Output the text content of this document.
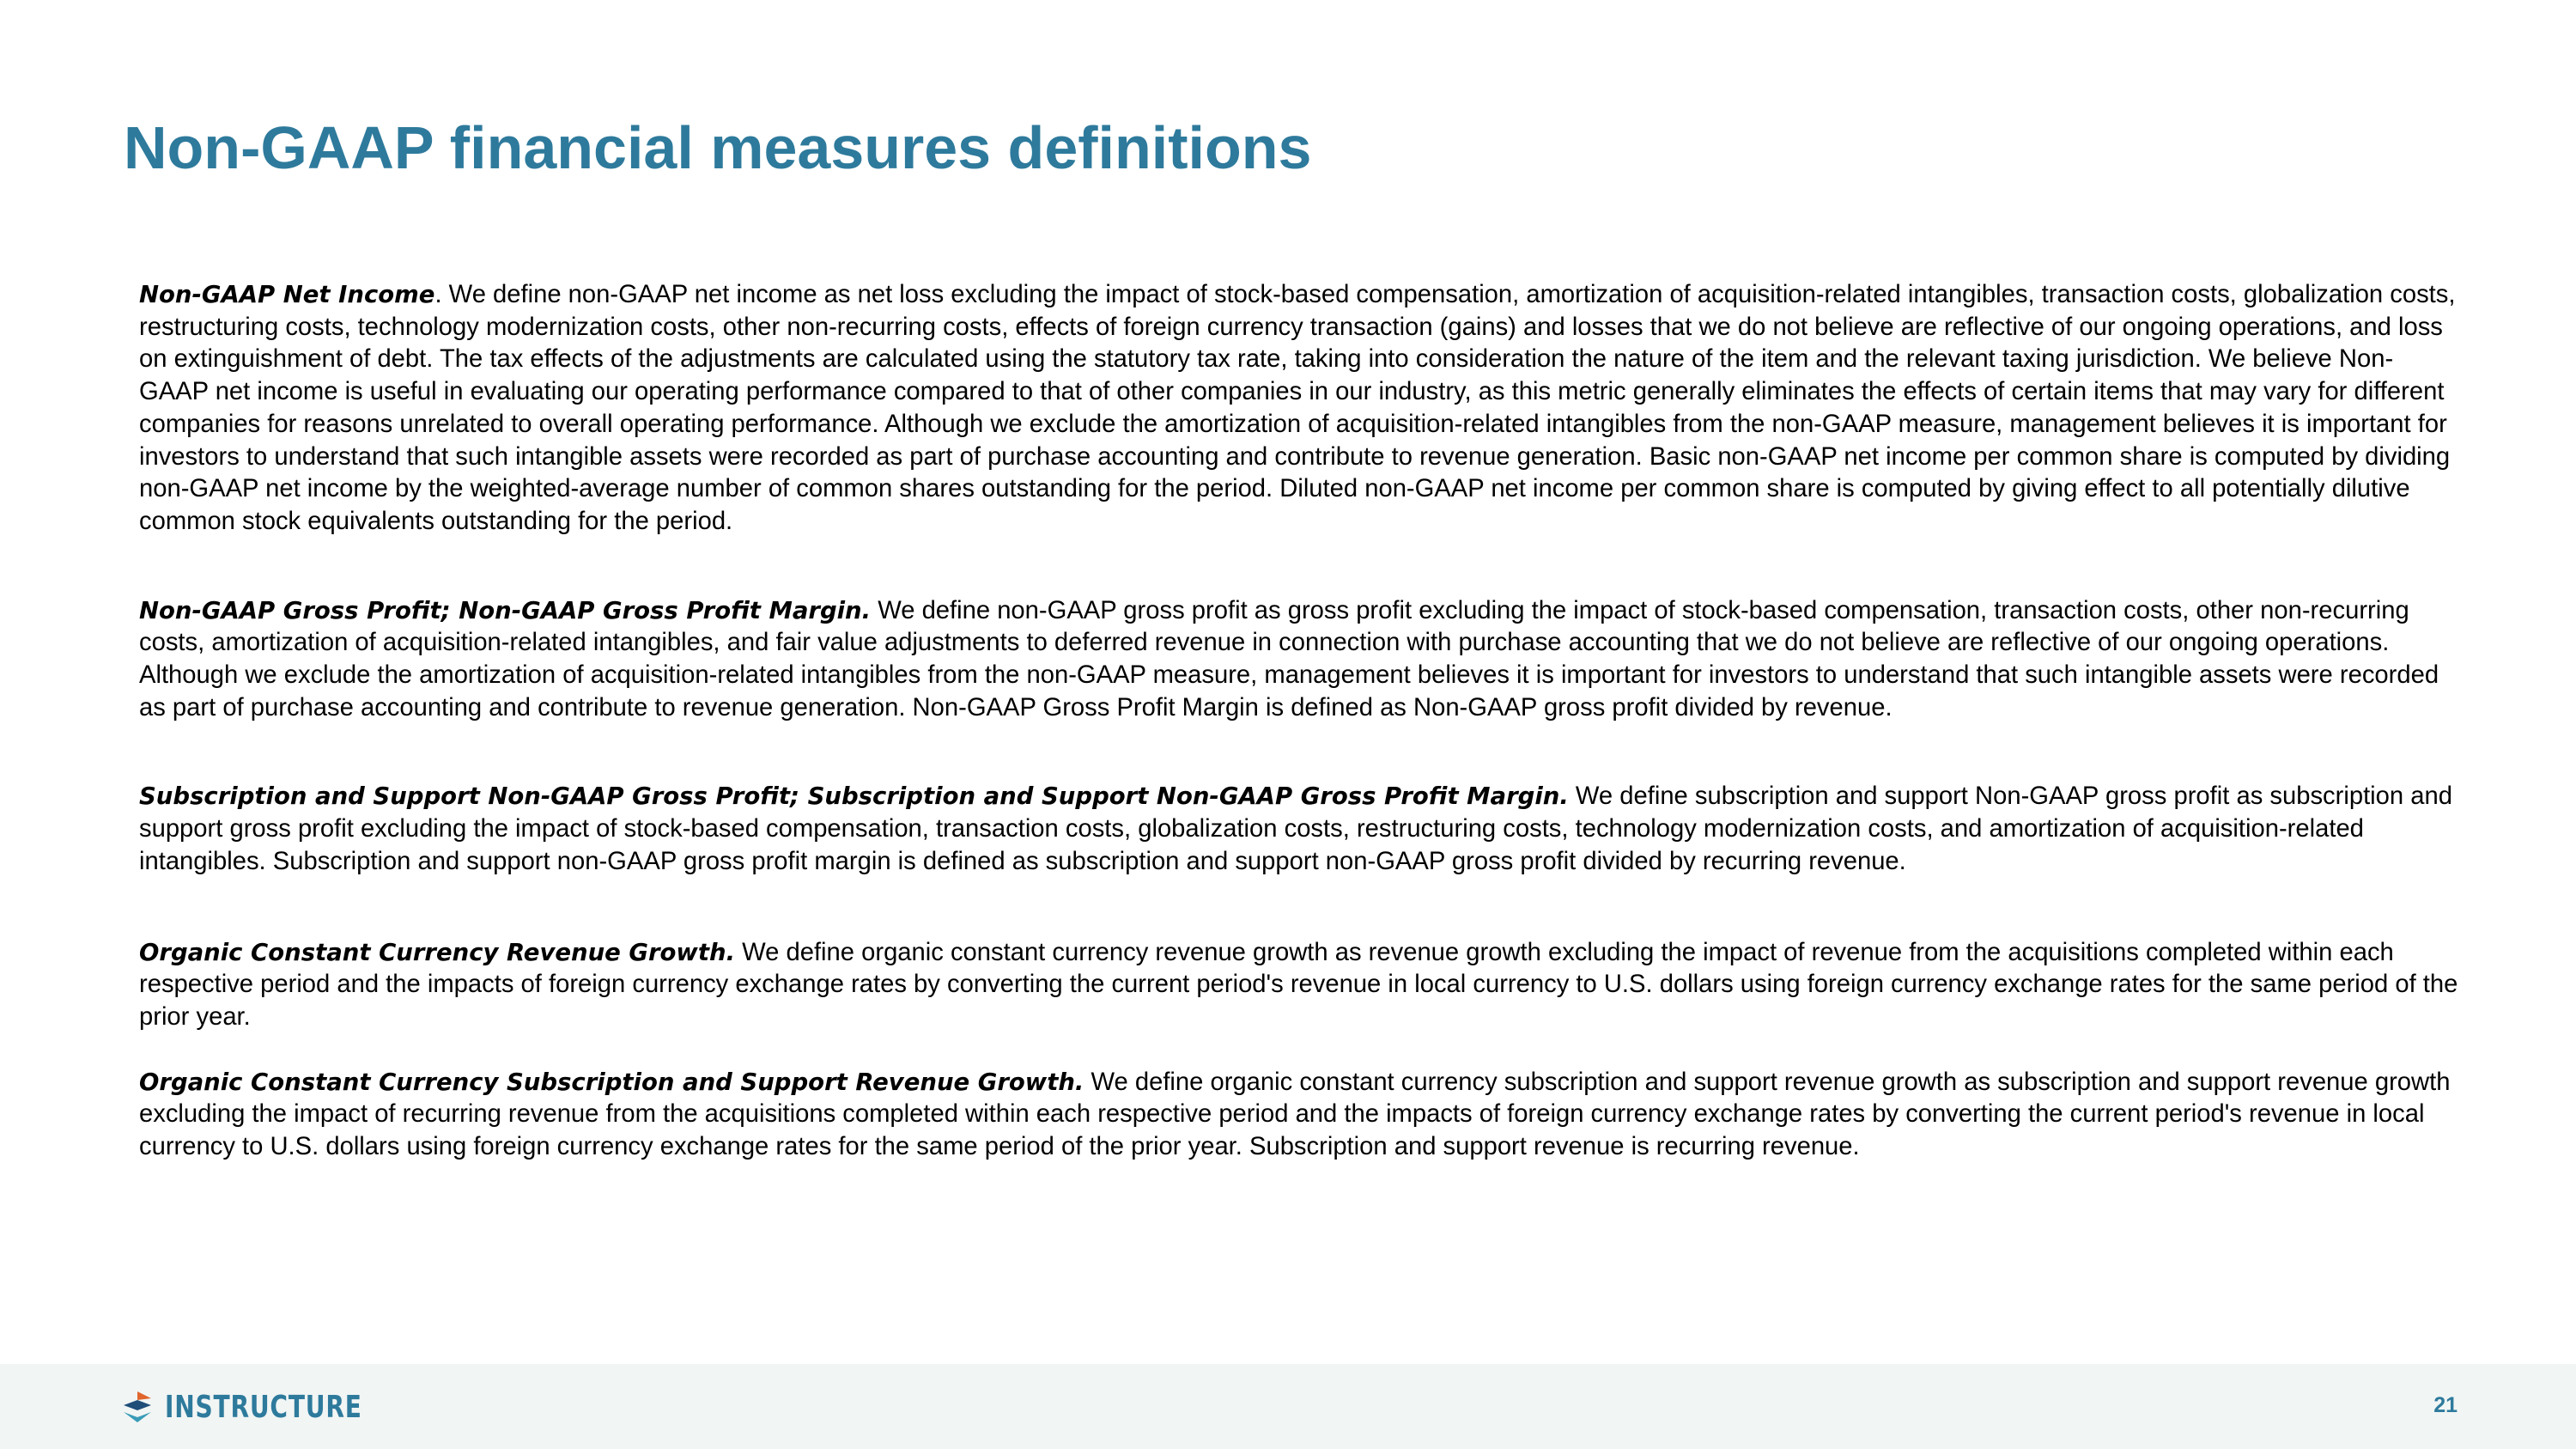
Non-GAAP financial measures definitions

Non-GAAP Net Income. We define non-GAAP net income as net loss excluding the impact of stock-based compensation, amortization of acquisition-related intangibles, transaction costs, globalization costs, restructuring costs, technology modernization costs, other non-recurring costs, effects of foreign currency transaction (gains) and losses that we do not believe are reflective of our ongoing operations, and loss on extinguishment of debt. The tax effects of the adjustments are calculated using the statutory tax rate, taking into consideration the nature of the item and the relevant taxing jurisdiction. We believe Non-GAAP net income is useful in evaluating our operating performance compared to that of other companies in our industry, as this metric generally eliminates the effects of certain items that may vary for different companies for reasons unrelated to overall operating performance. Although we exclude the amortization of acquisition-related intangibles from the non-GAAP measure, management believes it is important for investors to understand that such intangible assets were recorded as part of purchase accounting and contribute to revenue generation. Basic non-GAAP net income per common share is computed by dividing non-GAAP net income by the weighted-average number of common shares outstanding for the period. Diluted non-GAAP net income per common share is computed by giving effect to all potentially dilutive common stock equivalents outstanding for the period.

Non-GAAP Gross Profit; Non-GAAP Gross Profit Margin. We define non-GAAP gross profit as gross profit excluding the impact of stock-based compensation, transaction costs, other non-recurring costs, amortization of acquisition-related intangibles, and fair value adjustments to deferred revenue in connection with purchase accounting that we do not believe are reflective of our ongoing operations. Although we exclude the amortization of acquisition-related intangibles from the non-GAAP measure, management believes it is important for investors to understand that such intangible assets were recorded as part of purchase accounting and contribute to revenue generation. Non-GAAP Gross Profit Margin is defined as Non-GAAP gross profit divided by revenue.

Subscription and Support Non-GAAP Gross Profit; Subscription and Support Non-GAAP Gross Profit Margin. We define subscription and support Non-GAAP gross profit as subscription and support gross profit excluding the impact of stock-based compensation, transaction costs, globalization costs, restructuring costs, technology modernization costs, and amortization of acquisition-related intangibles. Subscription and support non-GAAP gross profit margin is defined as subscription and support non-GAAP gross profit divided by recurring revenue.

Organic Constant Currency Revenue Growth. We define organic constant currency revenue growth as revenue growth excluding the impact of revenue from the acquisitions completed within each respective period and the impacts of foreign currency exchange rates by converting the current period's revenue in local currency to U.S. dollars using foreign currency exchange rates for the same period of the prior year.

Organic Constant Currency Subscription and Support Revenue Growth. We define organic constant currency subscription and support revenue growth as subscription and support revenue growth excluding the impact of recurring revenue from the acquisitions completed within each respective period and the impacts of foreign currency exchange rates by converting the current period's revenue in local currency to U.S. dollars using foreign currency exchange rates for the same period of the prior year. Subscription and support revenue is recurring revenue.

INSTRUCTURE	21
